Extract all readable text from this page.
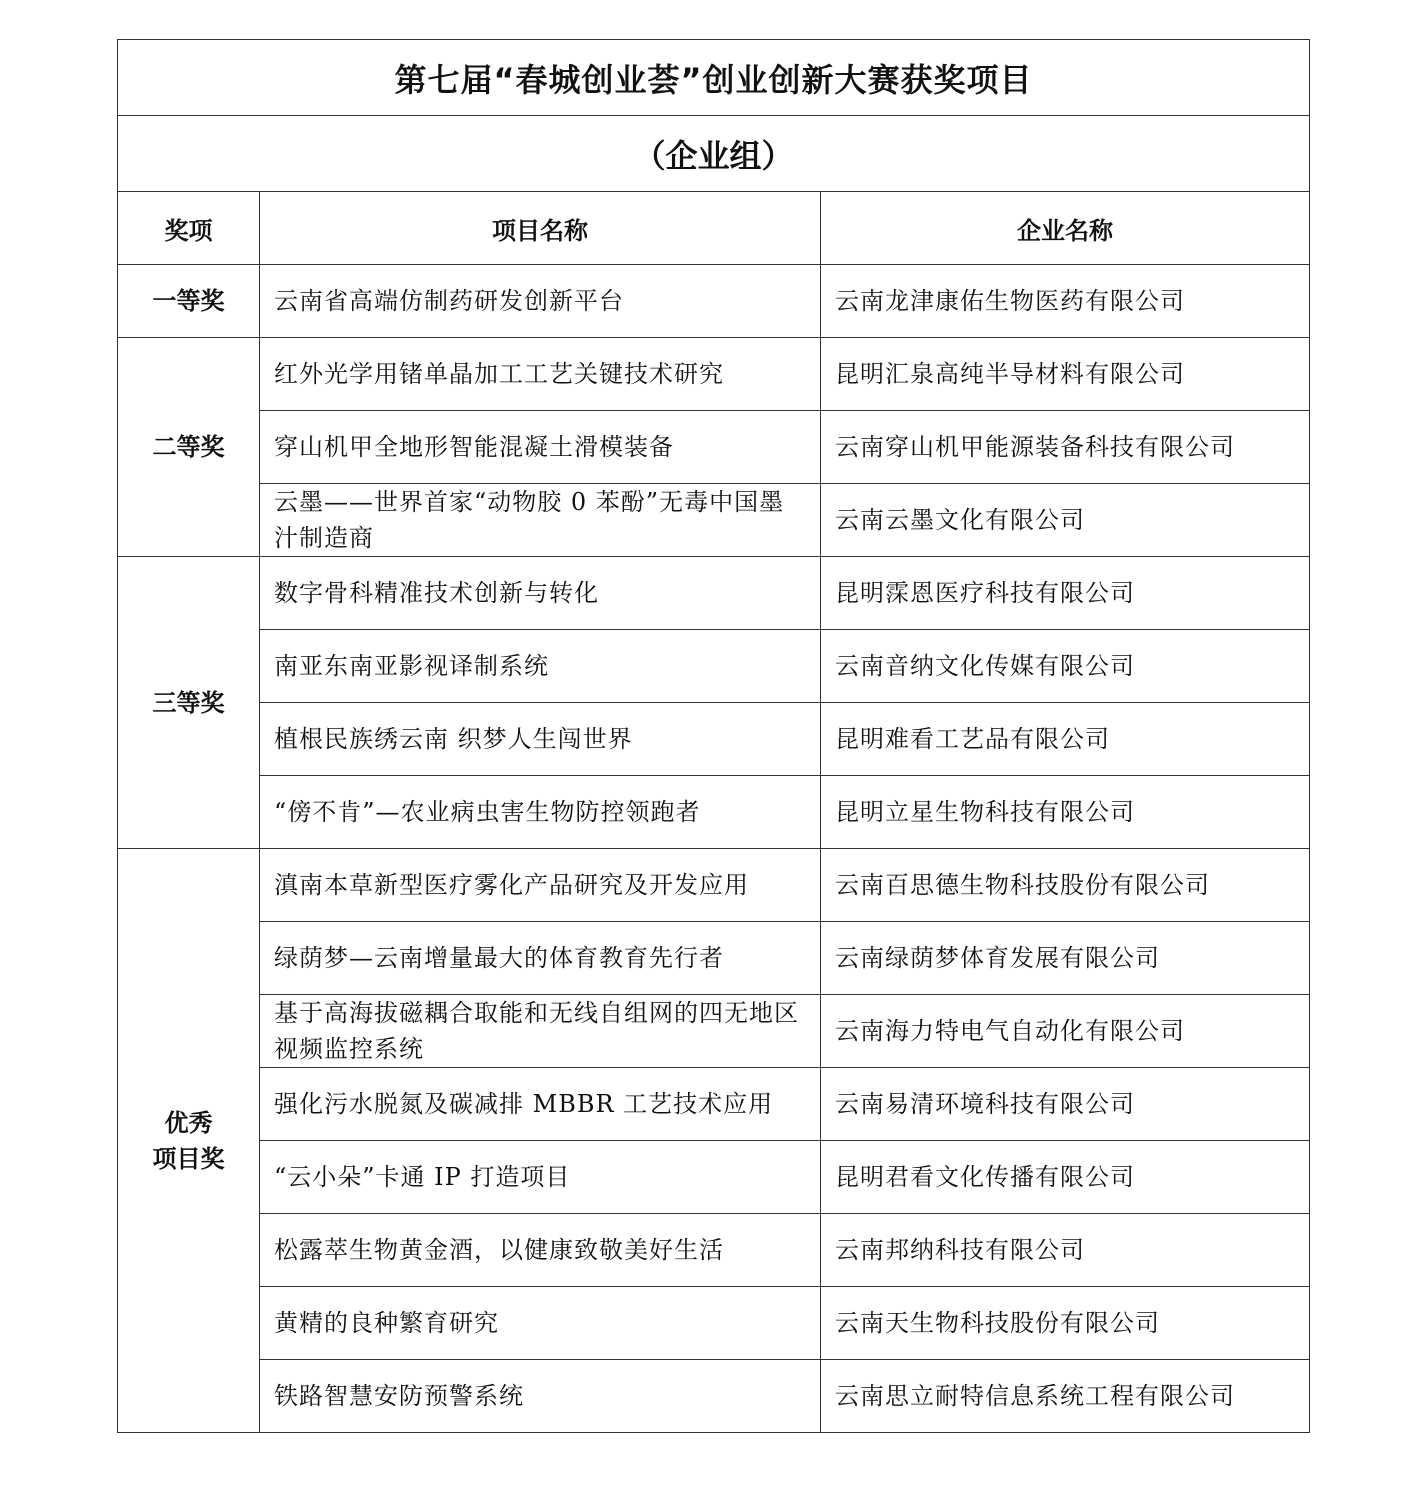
第七届“春城创业荟”创业创新大赛获奖项目		
（企业组）		
奖项	项目名称	企业名称

一等奖	云南省高端仿制药研发创新平台	云南龙津康佑生物医药有限公司

二等奖	红外光学用锗单晶加工工艺关键技术研究	昆明汇泉高纯半导材料有限公司
	穿山机甲全地形智能混凝土滑模装备	云南穿山机甲能源装备科技有限公司
	云墨——世界首家“动物胶 0 苯酚”无毒中国墨汁制造商	云南云墨文化有限公司

三等奖	数字骨科精准技术创新与转化	昆明霂恩医疗科技有限公司
	南亚东南亚影视译制系统	云南音纳文化传媒有限公司
	植根民族绣云南 织梦人生闯世界	昆明难看工艺品有限公司
	“傍不肯”—农业病虫害生物防控领跑者	昆明立星生物科技有限公司

优秀
项目奖	滇南本草新型医疗雾化产品研究及开发应用	云南百思德生物科技股份有限公司
	绿荫梦—云南增量最大的体育教育先行者	云南绿荫梦体育发展有限公司
	基于高海拔磁耦合取能和无线自组网的四无地区视频监控系统	云南海力特电气自动化有限公司
	强化污水脱氮及碳减排 MBBR 工艺技术应用	云南易清环境科技有限公司
	“云小朵”卡通 IP 打造项目	昆明君看文化传播有限公司
	松露萃生物黄金酒，以健康致敬美好生活	云南邦纳科技有限公司
	黄精的良种繁育研究	云南天生物科技股份有限公司
	铁路智慧安防预警系统	云南思立耐特信息系统工程有限公司
